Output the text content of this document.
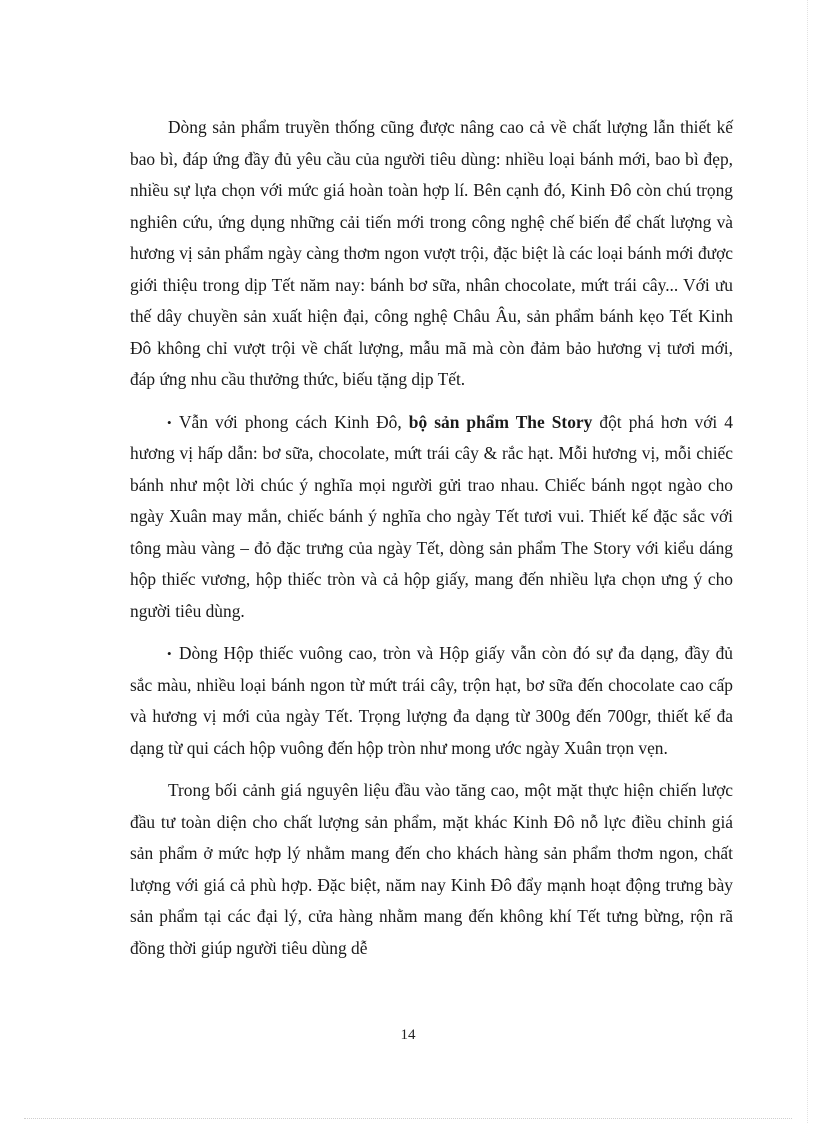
Dòng sản phẩm truyền thống cũng được nâng cao cả về chất lượng lẫn thiết kế bao bì, đáp ứng đầy đủ yêu cầu của người tiêu dùng: nhiều loại bánh mới, bao bì đẹp, nhiều sự lựa chọn với mức giá hoàn toàn hợp lí. Bên cạnh đó, Kinh Đô còn chú trọng nghiên cứu, ứng dụng những cải tiến mới trong công nghệ chế biến để chất lượng và hương vị sản phẩm ngày càng thơm ngon vượt trội, đặc biệt là các loại bánh mới được giới thiệu trong dịp Tết năm nay: bánh bơ sữa, nhân chocolate, mứt trái cây... Với ưu thế dây chuyền sản xuất hiện đại, công nghệ Châu Âu, sản phẩm bánh kẹo Tết Kinh Đô không chỉ vượt trội về chất lượng, mẫu mã mà còn đảm bảo hương vị tươi mới, đáp ứng nhu cầu thưởng thức, biếu tặng dịp Tết.

• Vẫn với phong cách Kinh Đô, bộ sản phẩm The Story đột phá hơn với 4 hương vị hấp dẫn: bơ sữa, chocolate, mứt trái cây & rắc hạt. Mỗi hương vị, mỗi chiếc bánh như một lời chúc ý nghĩa mọi người gửi trao nhau. Chiếc bánh ngọt ngào cho ngày Xuân may mắn, chiếc bánh ý nghĩa cho ngày Tết tươi vui. Thiết kế đặc sắc với tông màu vàng – đỏ đặc trưng của ngày Tết, dòng sản phẩm The Story với kiểu dáng hộp thiếc vương, hộp thiếc tròn và cả hộp giấy, mang đến nhiều lựa chọn ưng ý cho người tiêu dùng.

• Dòng Hộp thiếc vuông cao, tròn và Hộp giấy vẫn còn đó sự đa dạng, đầy đủ sắc màu, nhiều loại bánh ngon từ mứt trái cây, trộn hạt, bơ sữa đến chocolate cao cấp và hương vị mới của ngày Tết. Trọng lượng đa dạng từ 300g đến 700gr, thiết kế đa dạng từ qui cách hộp vuông đến hộp tròn như mong ước ngày Xuân trọn vẹn.

Trong bối cảnh giá nguyên liệu đầu vào tăng cao, một mặt thực hiện chiến lược đầu tư toàn diện cho chất lượng sản phẩm, mặt khác Kinh Đô nỗ lực điều chỉnh giá sản phẩm ở mức hợp lý nhằm mang đến cho khách hàng sản phẩm thơm ngon, chất lượng với giá cả phù hợp. Đặc biệt, năm nay Kinh Đô đẩy mạnh hoạt động trưng bày sản phẩm tại các đại lý, cửa hàng nhằm mang đến không khí Tết tưng bừng, rộn rã đồng thời giúp người tiêu dùng dễ

14
